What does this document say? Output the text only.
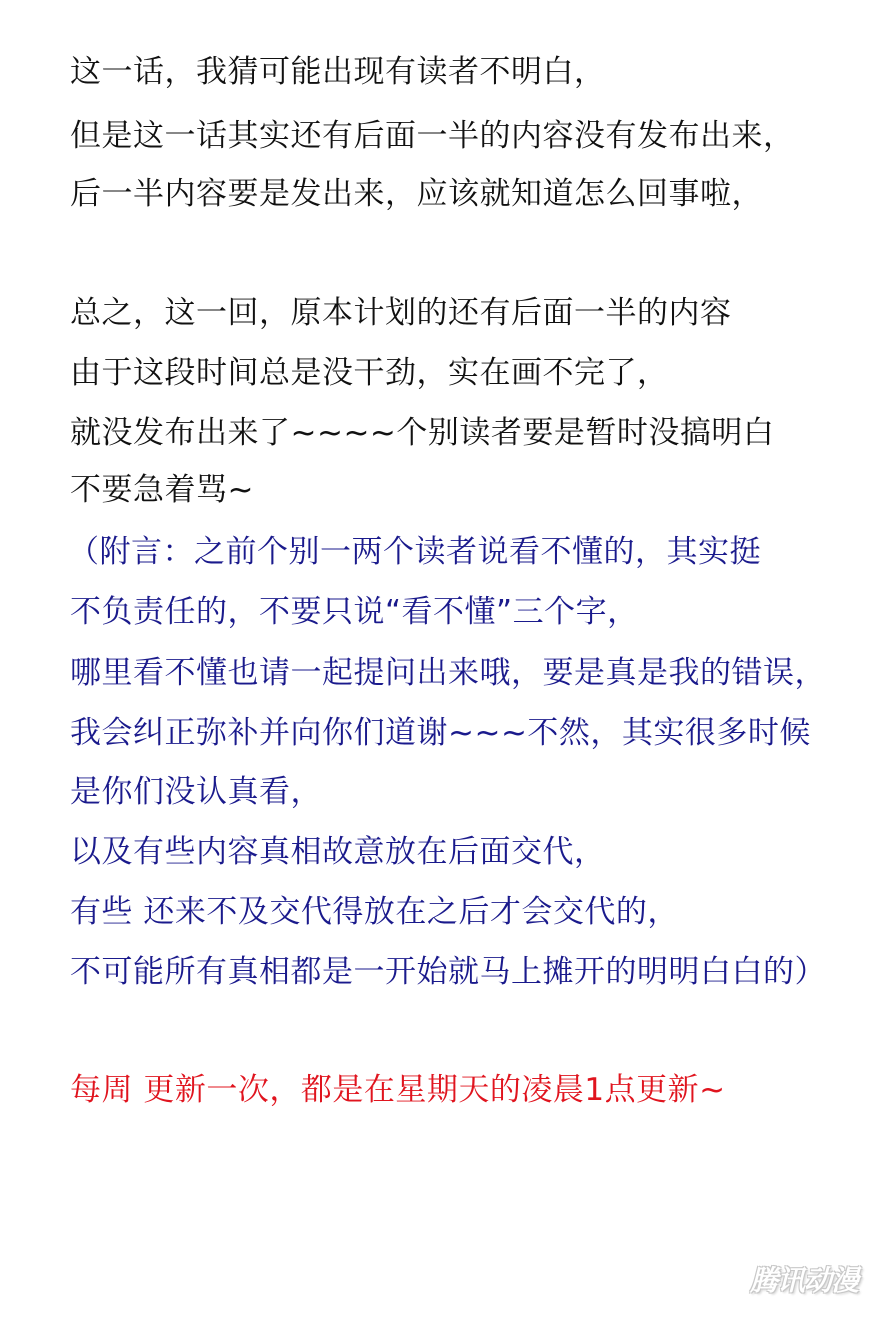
这一话，我猜可能出现有读者不明白，
但是这一话其实还有后面一半的内容没有发布出来，
后一半内容要是发出来，应该就知道怎么回事啦，
总之，这一回，原本计划的还有后面一半的内容
由于这段时间总是没干劲，实在画不完了，
就没发布出来了~~~~个别读者要是暂时没搞明白
不要急着骂~
（附言：之前个别一两个读者说看不懂的，其实挺
不负责任的，不要只说“看不懂”三个字，
哪里看不懂也请一起提问出来哦，要是真是我的错误，
我会纠正弥补并向你们道谢~~~不然，其实很多时候
是你们没认真看，
以及有些内容真相故意放在后面交代，
有些 还来不及交代得放在之后才会交代的，
不可能所有真相都是一开始就马上摊开的明明白白的）
每周 更新一次，都是在星期天的凌晨1点更新~
腾讯动漫
